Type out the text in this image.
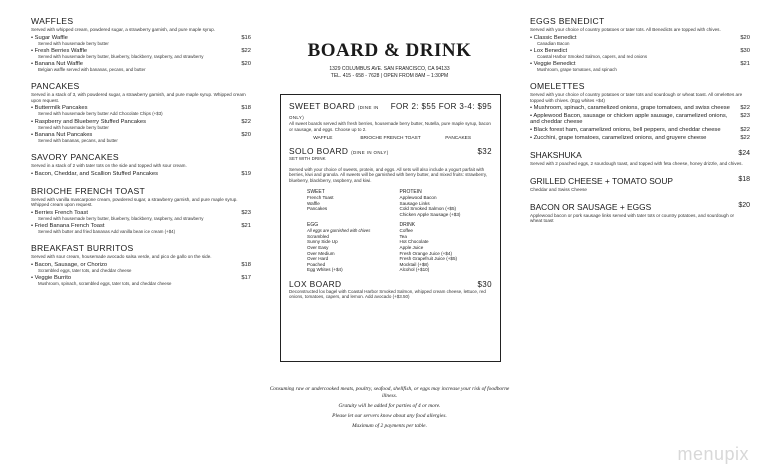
WAFFLES
Served with whipped cream, powdered sugar, a strawberry garnish, and pure maple syrup.
• Sugar Waffle	$16
Served with housemade berry butter
• Fresh Berries Waffle	$22
Served with housemade berry butter, blueberry, blackberry, raspberry, and strawberry
• Banana Nut Waffle	$20
Belgian waffle served with bananas, pecans, and butter
PANCAKES
Served in a stack of 3, with powdered sugar, a strawberry garnish, and pure maple syrup. Whipped cream upon request.
• Buttermilk Pancakes	$18
Served with housemade berry butter Add Chocolate Chips (+$3)
• Raspberry and Blueberry Stuffed Pancakes	$22
Served with housemade berry butter
• Banana Nut Pancakes	$20
Served with bananas, pecans, and butter
SAVORY PANCAKES
Served in a stack of 2 with tater tots on the side and topped with sour cream.
• Bacon, Cheddar, and Scallion Stuffed Pancakes	$19
BRIOCHE FRENCH TOAST
Served with vanilla mascarpone cream, powdered sugar, a strawberry garnish, and pure maple syrup. Whipped cream upon request.
• Berries French Toast	$23
Served with housemade berry butter, blueberry, blackberry, raspberry, and strawberry
• Fried Banana French Toast	$21
Served with butter and fried bananas Add vanilla bean ice cream (+$4)
BREAKFAST BURRITOS
Served with sour cream, housemade avocado salsa verde, and pico de gallo on the side.
• Bacon, Sausage, or Chorizo	$18
Scrambled eggs, tater tots, and cheddar cheese
• Veggie Burrito	$17
Mushroom, spinach, scrambled eggs, tater tots, and cheddar cheese
BOARD & DRINK
1329 COLUMBUS AVE. SAN FRANCISCO, CA 94133
TEL. 415 - 658 - 7628 | OPEN FROM 8AM – 1:30PM
SWEET BOARD (DINE IN ONLY)
FOR 2: $55 FOR 3-4: $95
All sweet boards served with fresh berries, housemade berry butter, Nutella, pure maple syrup, bacon or sausage, and eggs. Choose up to 2.
WAFFLE	BRIOCHE FRENCH TOAST	PANCAKES
SOLO BOARD (DINE IN ONLY)	$32
SET WITH DRINK
Served with your choice of sweets, protein, and eggs. All sets will also include a yogurt parfait with berries, kiwi and granola. All sweets will be garnished with berry butter, and mixed fruits: strawberry, blueberry, blackberry, raspberry, and kiwi.
SWEET
French Toast
Waffle
Pancakes
PROTEIN
Applewood Bacon
Sausage Links
Cold Smoked Salmon (+$5)
Chicken Apple Sausage (+$3)
EGG
All eggs are garnished with chives
Scrambled
Sunny Side Up
Over Easy
Over Medium
Over Hard
Poached
Egg Whites (+$4)
DRINK
Coffee
Tea
Hot Chocolate
Apple Juice
Fresh Orange Juice (+$4)
Fresh Grapefruit Juice (+$5)
Mocktail (+$8)
Alcohol (+$10)
LOX BOARD	$30
Deconstructed lox bagel with Coastal Harbor Smoked Salmon, whipped cream cheese, lettuce, red onions, tomatoes, capers, and lemon. Add avocado (+$3.50)
Consuming raw or undercooked meats, poultry, seafood, shellfish, or eggs may increase your risk of foodborne illness.
Gratuity will be added for parties of 4 or more.
Please let our servers know about any food allergies.
Maximum of 2 payments per table.
EGGS BENEDICT
Served with your choice of country potatoes or tater tots. All Benedicts are topped with chives.
• Classic Benedict	$20
Canadian Bacon
• Lox Benedict	$30
Coastal Harbor Smoked Salmon, capers, and red onions
• Veggie Benedict	$21
Mushroom, grape tomatoes, and spinach
OMELETTES
Served with your choice of country potatoes or tater tots and sourdough or wheat toast. All omelettes are topped with chives. (Egg whites +$4)
• Mushroom, spinach, caramelized onions, grape tomatoes, and swiss cheese	$22
• Applewood Bacon, sausage or chicken apple sausage, caramelized onions, and cheddar cheese
$23
• Black forest ham, caramelized onions, bell peppers, and cheddar cheese	$22
• Zucchini, grape tomatoes, caramelized onions, and gruyere cheese	$22
SHAKSHUKA	$24
Served with 2 poached eggs, 2 sourdough toast, and topped with feta cheese, honey drizzle, and chives.
GRILLED CHEESE + TOMATO SOUP	$18
Cheddar and Swiss Cheese
BACON OR SAUSAGE + EGGS	$20
Applewood bacon or pork sausage links served with tater tots or country potatoes, and sourdough or wheat toast
menupix
